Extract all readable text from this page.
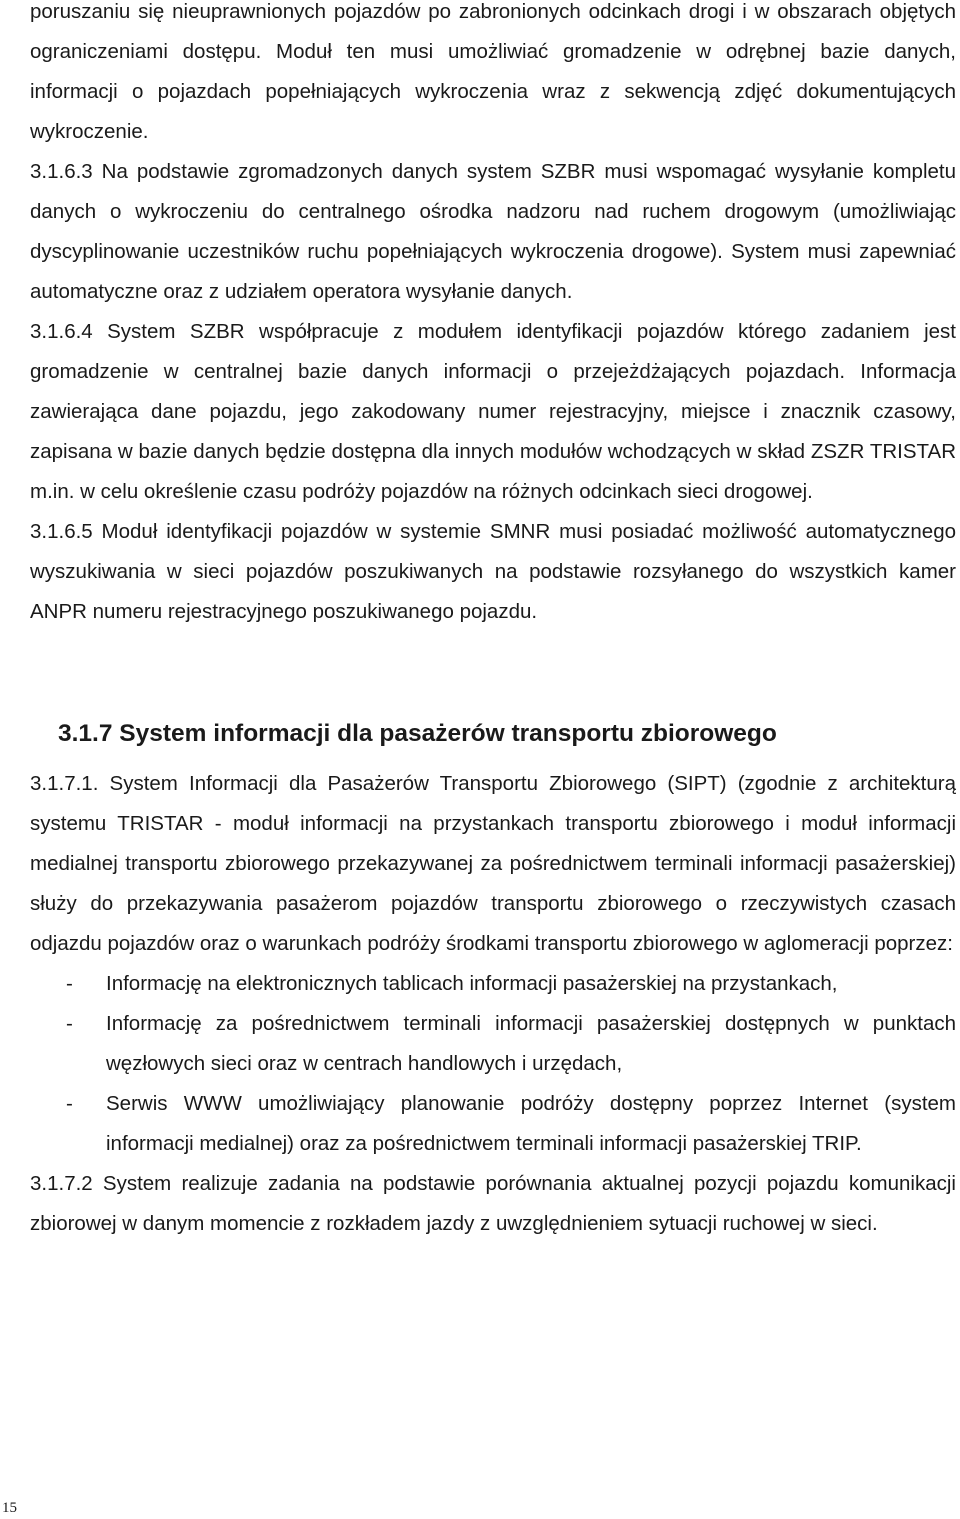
poruszaniu się nieuprawnionych pojazdów po zabronionych odcinkach drogi i w obszarach objętych ograniczeniami dostępu. Moduł ten musi umożliwiać gromadzenie w odrębnej bazie danych, informacji o pojazdach popełniających wykroczenia wraz z sekwencją zdjęć dokumentujących wykroczenie.

3.1.6.3 Na podstawie zgromadzonych danych system SZBR musi wspomagać wysyłanie kompletu danych o wykroczeniu do centralnego ośrodka nadzoru nad ruchem drogowym (umożliwiając dyscyplinowanie uczestników ruchu popełniających wykroczenia drogowe). System musi zapewniać automatyczne oraz z udziałem operatora wysyłanie danych.

3.1.6.4 System SZBR współpracuje z modułem identyfikacji pojazdów którego zadaniem jest gromadzenie w centralnej bazie danych informacji o przejeżdżających pojazdach. Informacja zawierająca dane pojazdu, jego zakodowany numer rejestracyjny, miejsce i znacznik czasowy, zapisana w bazie danych będzie dostępna dla innych modułów wchodzących w skład ZSZR TRISTAR m.in. w celu określenie czasu podróży pojazdów na różnych odcinkach sieci drogowej.

3.1.6.5 Moduł identyfikacji pojazdów w systemie SMNR musi posiadać możliwość automatycznego wyszukiwania w sieci pojazdów poszukiwanych na podstawie rozsyłanego do wszystkich kamer ANPR numeru rejestracyjnego poszukiwanego pojazdu.

3.1.7 System informacji dla pasażerów transportu zbiorowego

3.1.7.1. System Informacji dla Pasażerów Transportu Zbiorowego (SIPT) (zgodnie z architekturą systemu TRISTAR - moduł informacji na przystankach transportu zbiorowego i moduł informacji medialnej transportu zbiorowego przekazywanej za pośrednictwem terminali informacji pasażerskiej) służy do przekazywania pasażerom pojazdów transportu zbiorowego o rzeczywistych czasach odjazdu pojazdów oraz o warunkach podróży środkami transportu zbiorowego w aglomeracji poprzez:

- Informację na elektronicznych tablicach informacji pasażerskiej na przystankach,
- Informację za pośrednictwem terminali informacji pasażerskiej dostępnych w punktach węzłowych sieci oraz w centrach handlowych i urzędach,
- Serwis WWW umożliwiający planowanie podróży dostępny poprzez Internet (system informacji medialnej) oraz za pośrednictwem terminali informacji pasażerskiej TRIP.

3.1.7.2 System realizuje zadania na podstawie porównania aktualnej pozycji pojazdu komunikacji zbiorowej w danym momencie z rozkładem jazdy z uwzględnieniem sytuacji ruchowej w sieci.

15
